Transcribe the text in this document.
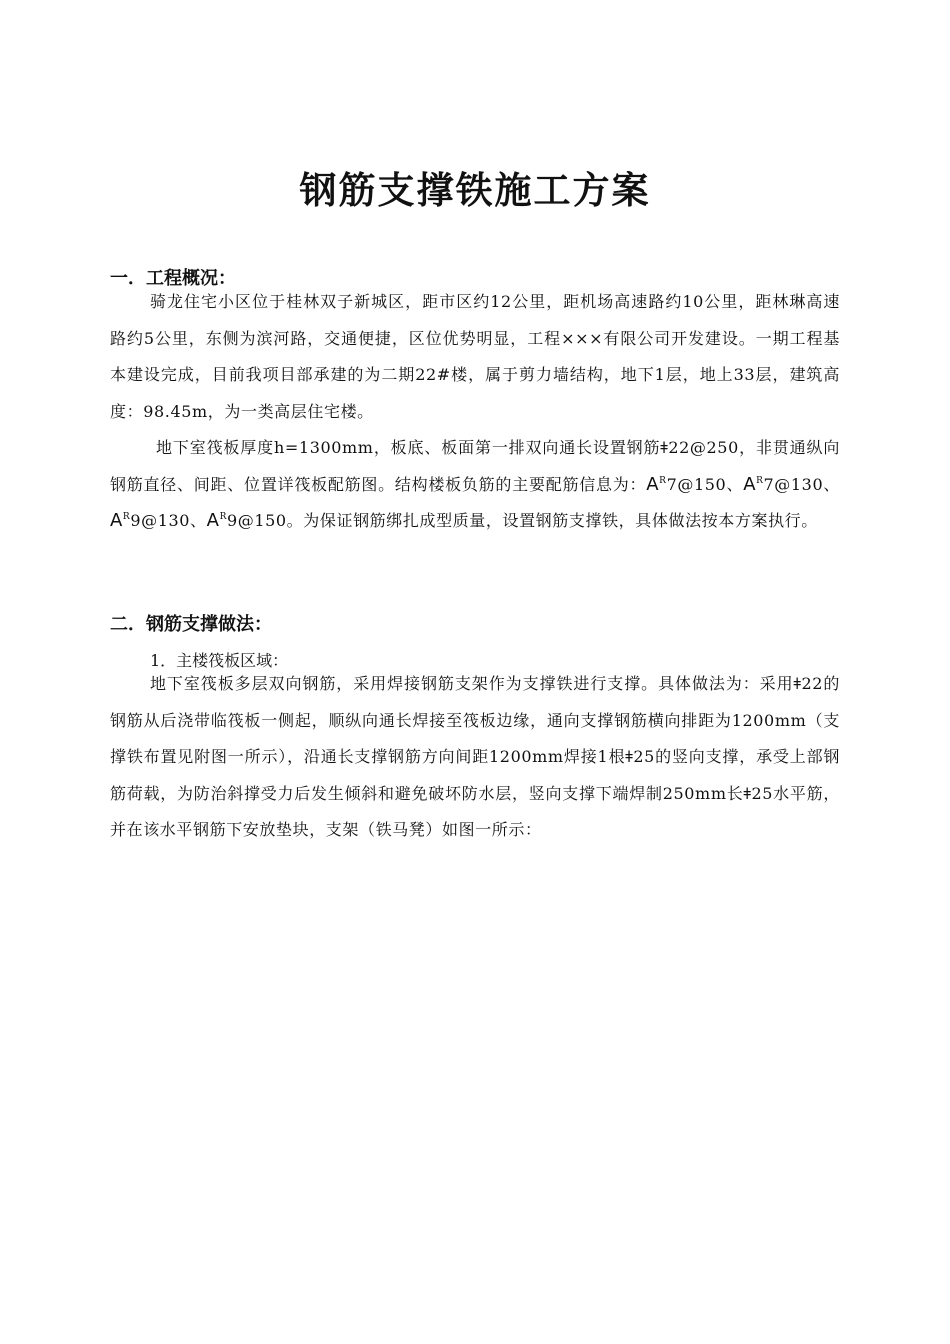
钢筋支撑铁施工方案
一．工程概况：
骑龙住宅小区位于桂林双子新城区，距市区约12公里，距机场高速路约10公里，距林琳高速路约5公里，东侧为滨河路，交通便捷，区位优势明显，工程×××有限公司开发建设。一期工程基本建设完成，目前我项目部承建的为二期22#楼，属于剪力墙结构，地下1层，地上33层，建筑高度：98.45m，为一类高层住宅楼。
地下室筏板厚度h=1300mm，板底、板面第一排双向通长设置钢筋ǂ22@250，非贯通纵向钢筋直径、间距、位置详筏板配筋图。结构楼板负筋的主要配筋信息为：$A^R7@150$、$A^R7@130$、$A^R9@130$、$A^R9@150$。为保证钢筋绑扎成型质量，设置钢筋支撑铁，具体做法按本方案执行。
二．钢筋支撑做法：
1．主楼筏板区域：
地下室筏板多层双向钢筋，采用焊接钢筋支架作为支撑铁进行支撑。具体做法为：采用ǂ22的钢筋从后浇带临筏板一侧起，顺纵向通长焊接至筏板边缘，通向支撑钢筋横向排距为1200mm（支撑铁布置见附图一所示），沿通长支撑钢筋方向间距1200mm焊接1根ǂ25的竖向支撑，承受上部钢筋荷载，为防治斜撑受力后发生倾斜和避免破坏防水层，竖向支撑下端焊制250mm长ǂ25水平筋，并在该水平钢筋下安放垫块，支架（铁马凳）如图一所示：
